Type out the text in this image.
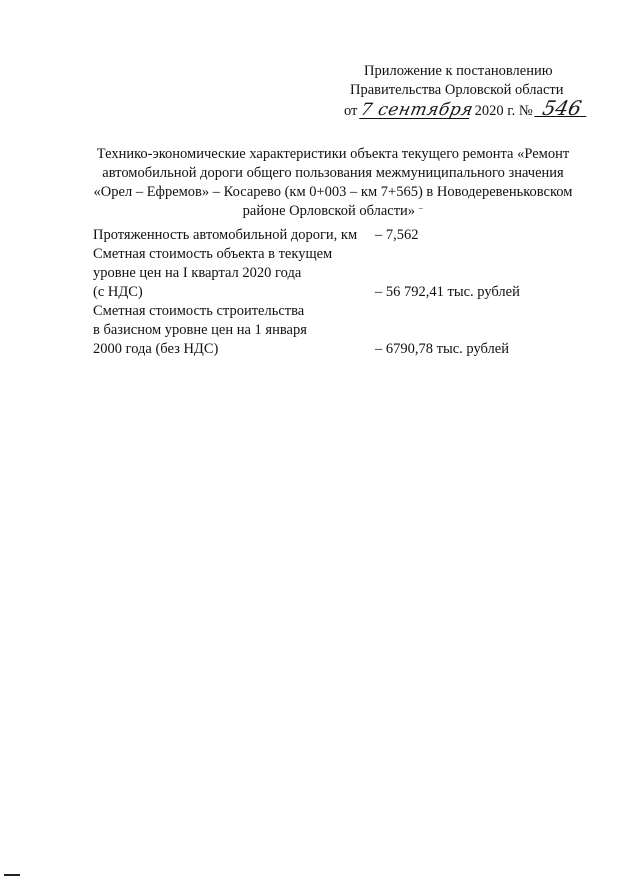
Приложение к постановлению
Правительства Орловской области
от 7 сентября 2020 г. № 546
Технико-экономические характеристики объекта текущего ремонта «Ремонт
автомобильной дороги общего пользования межмуниципального значения
«Орел – Ефремов» – Косарево (км 0+003 – км 7+565) в Новодеревеньковском
районе Орловской области» ⁻
Протяженность автомобильной дороги, км	– 7,562
Сметная стоимость объекта в текущем
уровне цен на I квартал 2020 года
(с НДС)	– 56 792,41 тыс. рублей
Сметная стоимость строительства
в базисном уровне цен на 1 января
2000 года (без НДС)	– 6790,78 тыс. рублей
